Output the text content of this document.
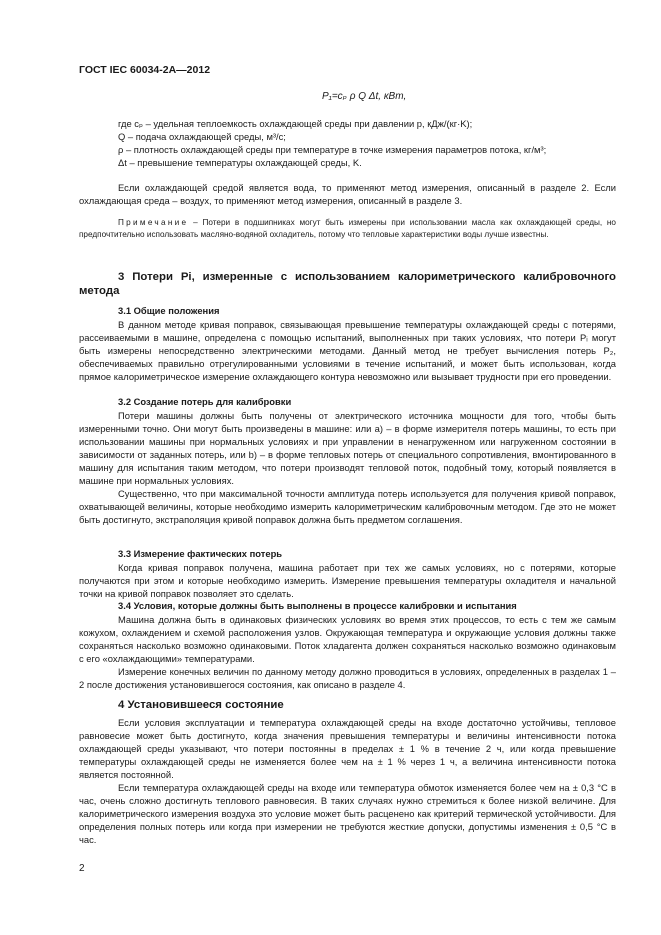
ГОСТ IEC 60034-2А—2012
P₁=cₚ ρ Q Δt, кВт,
где cₚ – удельная теплоемкость охлаждающей среды при давлении p, кДж/(кг·K);
Q – подача охлаждающей среды, м³/с;
ρ – плотность охлаждающей среды при температуре в точке измерения параметров потока, кг/м³;
Δt – превышение температуры охлаждающей среды, K.

Если охлаждающей средой является вода, то применяют метод измерения, описанный в разделе 2. Если охлаждающая среда – воздух, то применяют метод измерения, описанный в разделе 3.

Примечание – Потери в подшипниках могут быть измерены при использовании масла как охлаждающей среды, но предпочтительно использовать масляно-водяной охладитель, потому что тепловые характеристики воды лучше известны.
3 Потери Pi, измеренные с использованием калориметрического калибровочного метода
3.1 Общие положения

В данном методе кривая поправок, связывающая превышение температуры охлаждающей среды с потерями, рассеиваемыми в машине, определена с помощью испытаний, выполненных при таких условиях, что потери Pᵢ могут быть измерены непосредственно электрическими методами. Данный метод не требует вычисления потерь P₂, обеспечиваемых правильно отрегулированными условиями в течение испытаний, и может быть использован, когда прямое калориметрическое измерение охлаждающего контура невозможно или вызывает трудности при его проведении.

3.2 Создание потерь для калибровки

Потери машины должны быть получены от электрического источника мощности для того, чтобы быть измеренными точно. Они могут быть произведены в машине: или a) – в форме измерителя потерь машины, то есть при использовании машины при нормальных условиях и при управлении в ненагруженном или нагруженном состоянии в зависимости от заданных потерь, или b) – в форме тепловых потерь от специального сопротивления, вмонтированного в машину для испытания таким методом, что потери производят тепловой поток, подобный тому, который появляется в машине при нормальных условиях.

Существенно, что при максимальной точности амплитуда потерь используется для получения кривой поправок, охватывающей величины, которые необходимо измерить калориметрическим калибровочным методом. Где это не может быть достигнуто, экстраполяция кривой поправок должна быть предметом соглашения.

3.3 Измерение фактических потерь

Когда кривая поправок получена, машина работает при тех же самых условиях, но с потерями, которые получаются при этом и которые необходимо измерить. Измерение превышения температуры охладителя и начальной точки на кривой поправок позволяет это сделать.

3.4 Условия, которые должны быть выполнены в процессе калибровки и испытания

Машина должна быть в одинаковых физических условиях во время этих процессов, то есть с тем же самым кожухом, охлаждением и схемой расположения узлов. Окружающая температура и окружающие условия должны также сохраняться насколько возможно одинаковыми. Поток хладагента должен сохраняться насколько возможно одинаковым с его «охлаждающими» температурами.

Измерение конечных величин по данному методу должно проводиться в условиях, определенных в разделах 1 – 2 после достижения установившегося состояния, как описано в разделе 4.

4 Установившееся состояние

Если условия эксплуатации и температура охлаждающей среды на входе достаточно устойчивы, тепловое равновесие может быть достигнуто, когда значения превышения температуры и величины интенсивности потока охлаждающей среды указывают, что потери постоянны в пределах ± 1 % в течение 2 ч, или когда превышение температуры охлаждающей среды не изменяется более чем на ± 1 % через 1 ч, а величина интенсивности потока является постоянной.

Если температура охлаждающей среды на входе или температура обмоток изменяется более чем на ± 0,3 °C в час, очень сложно достигнуть теплового равновесия. В таких случаях нужно стремиться к более низкой величине. Для калориметрического измерения воздуха это условие может быть расценено как критерий термической устойчивости. Для определения полных потерь или когда при измерении не требуются жесткие допуски, допустимы изменения ± 0,5 °C в час.

2
